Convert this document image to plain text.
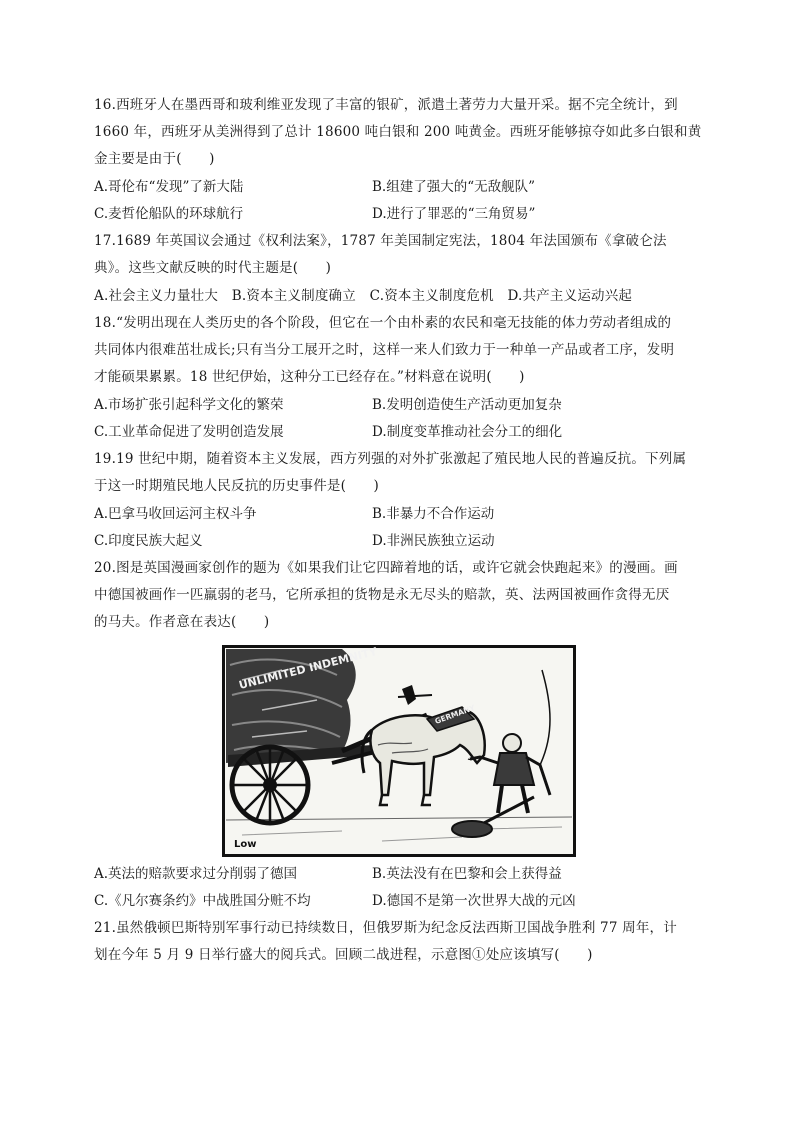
16.西班牙人在墨西哥和玻利维亚发现了丰富的银矿，派遣土著劳力大量开采。据不完全统计，到
1660 年，西班牙从美洲得到了总计 18600 吨白银和 200 吨黄金。西班牙能够掠夺如此多白银和黄
金主要是由于(　　)
A.哥伦布“发现”了新大陆	B.组建了强大的“无敌舰队”
C.麦哲伦船队的环球航行	D.进行了罪恶的“三角贸易”
17.1689 年英国议会通过《权利法案》，1787 年美国制定宪法，1804 年法国颁布《拿破仑法
典》。这些文献反映的时代主题是(　　)
A.社会主义力量壮大　B.资本主义制度确立　C.资本主义制度危机　D.共产主义运动兴起
18.“发明出现在人类历史的各个阶段，但它在一个由朴素的农民和毫无技能的体力劳动者组成的
共同体内很难茁壮成长;只有当分工展开之时，这样一来人们致力于一种单一产品或者工序，发明
才能硕果累累。18 世纪伊始，这种分工已经存在。”材料意在说明(　　)
A.市场扩张引起科学文化的繁荣	B.发明创造使生产活动更加复杂
C.工业革命促进了发明创造发展	D.制度变革推动社会分工的细化
19.19 世纪中期，随着资本主义发展，西方列强的对外扩张激起了殖民地人民的普遍反抗。下列属
于这一时期殖民地人民反抗的历史事件是(　　)
A.巴拿马收回运河主权斗争	B.非暴力不合作运动
C.印度民族大起义	D.非洲民族独立运动
20.图是英国漫画家创作的题为《如果我们让它四蹄着地的话，或许它就会快跑起来》的漫画。画
中德国被画作一匹羸弱的老马，它所承担的货物是永无尽头的赔款，英、法两国被画作贪得无厌
的马夫。作者意在表达(　　)
UNLIMITED INDEMNITY
GERMANY
Low
A.英法的赔款要求过分削弱了德国	B.英法没有在巴黎和会上获得益
C.《凡尔赛条约》中战胜国分赃不均	D.德国不是第一次世界大战的元凶
21.虽然俄顿巴斯特别军事行动已持续数日，但俄罗斯为纪念反法西斯卫国战争胜利 77 周年，计
划在今年 5 月 9 日举行盛大的阅兵式。回顾二战进程，示意图①处应该填写(　　)
